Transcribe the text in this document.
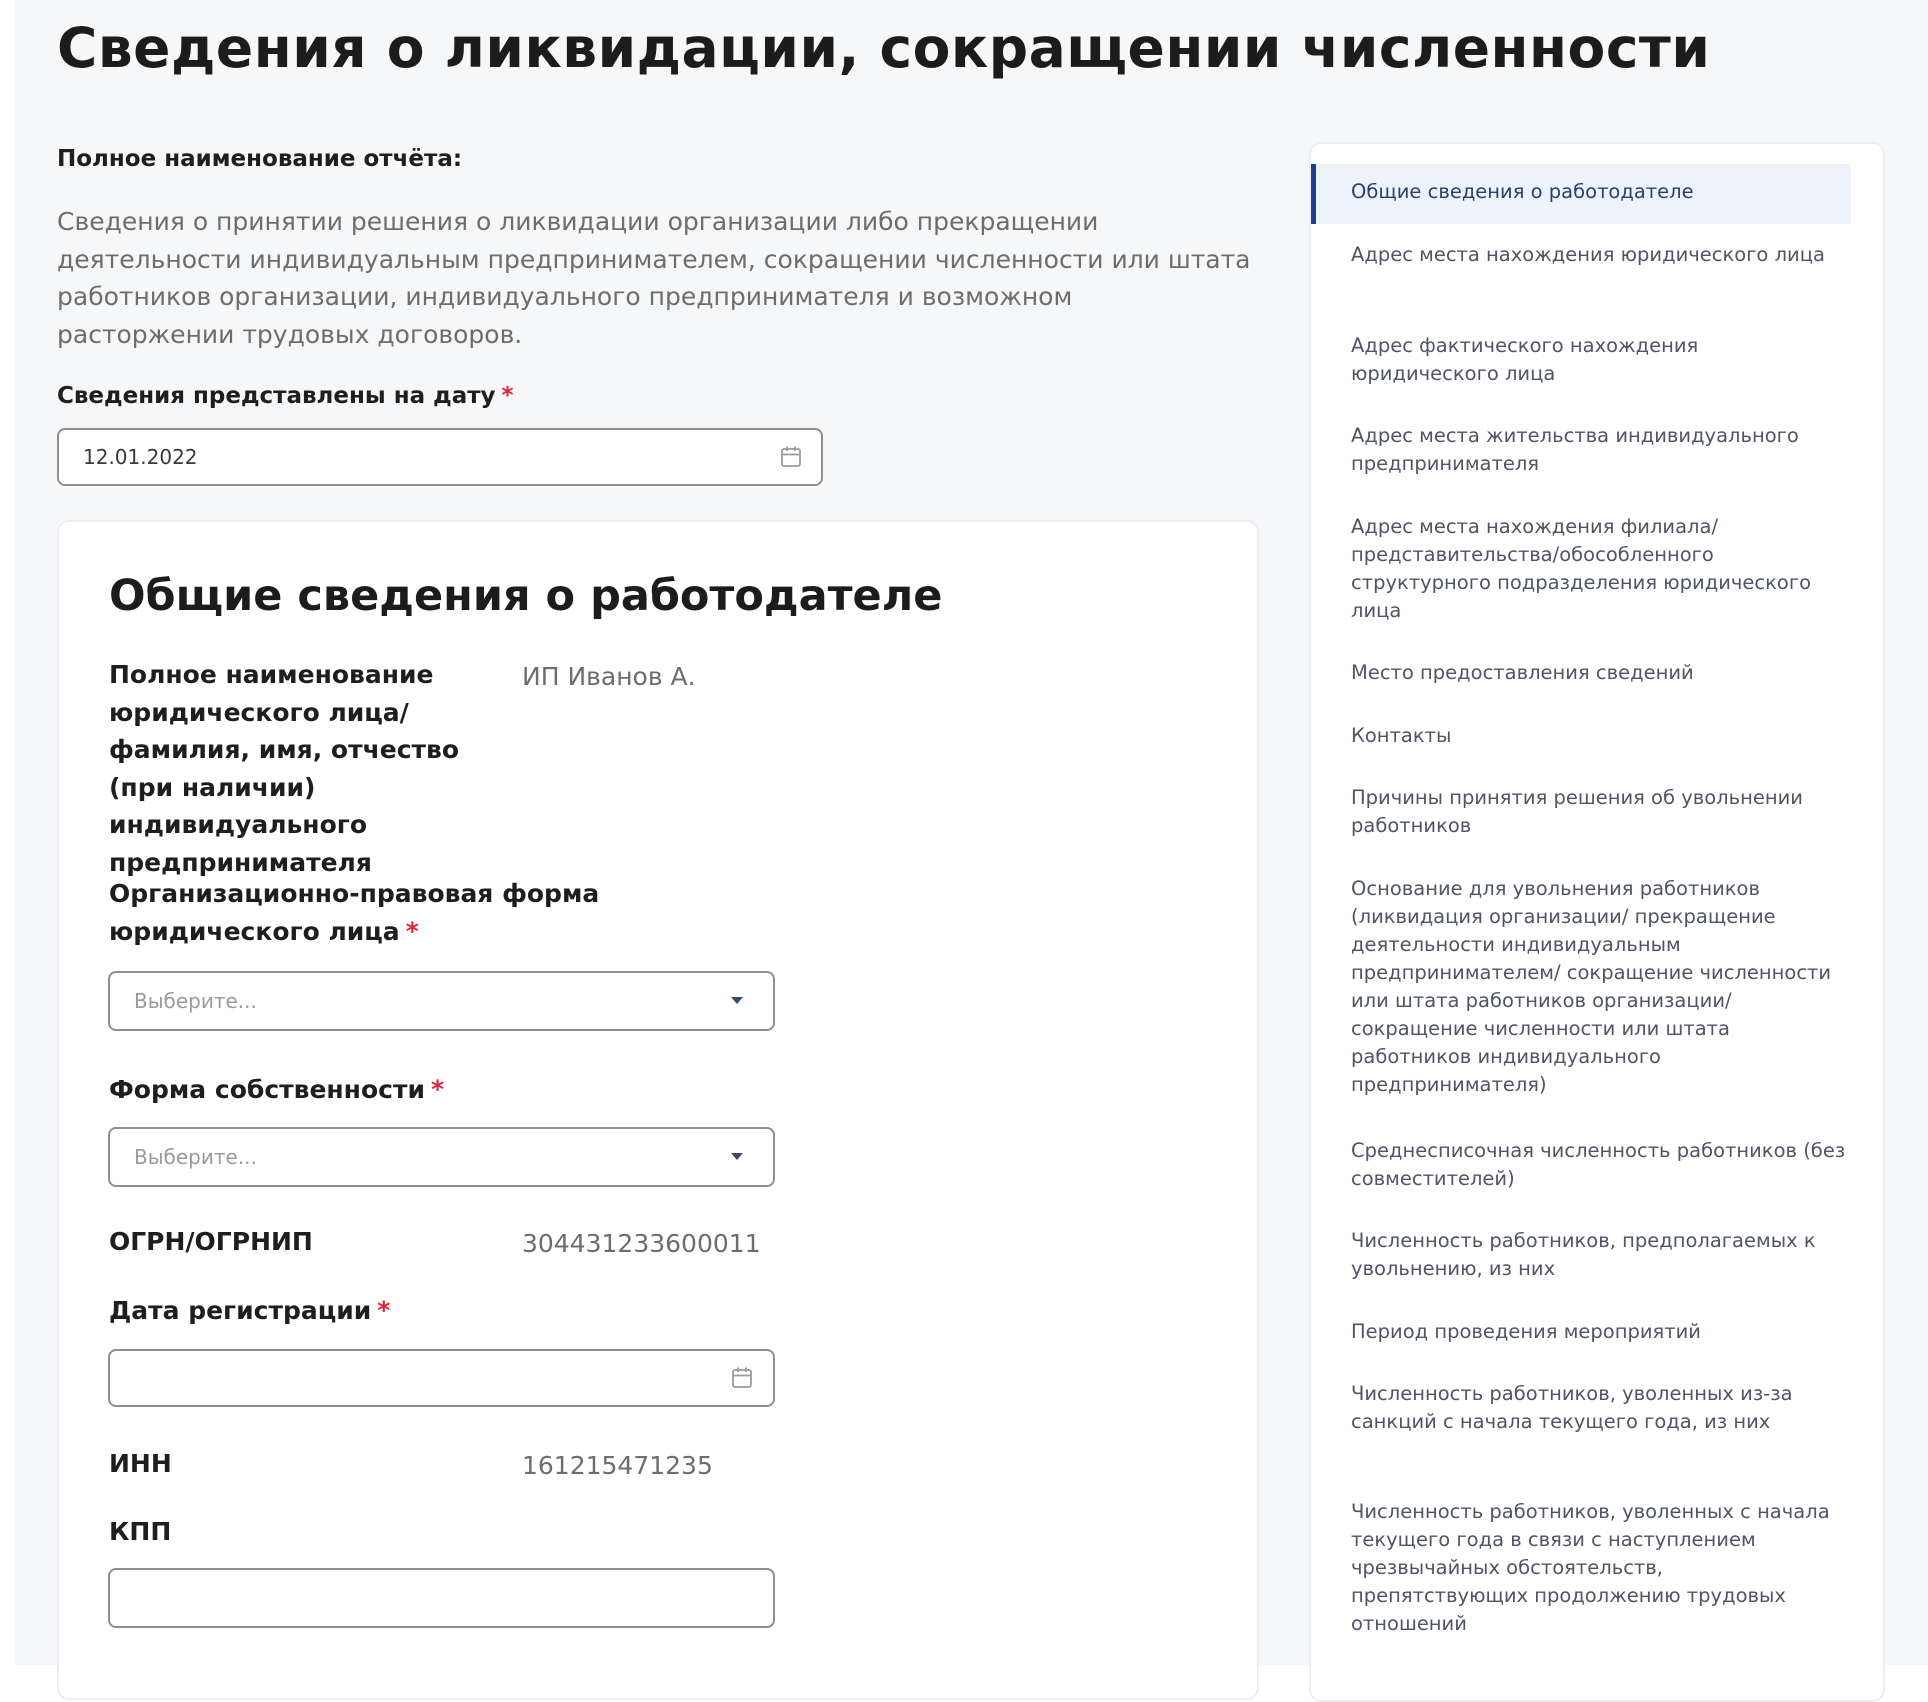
Сведения о ликвидации, сокращении численности
Полное наименование отчёта:
Сведения о принятии решения о ликвидации организации либо прекращении деятельности индивидуальным предпринимателем, сокращении численности или штата работников организации, индивидуального предпринимателя и возможном расторжении трудовых договоров.
Сведения представлены на дату *
12.01.2022
Общие сведения о работодателе
Полное наименование юридического лица/ фамилия, имя, отчество (при наличии) индивидуального предпринимателя
ИП Иванов А.
Организационно-правовая форма юридического лица *
Выберите...
Форма собственности *
Выберите...
ОГРН/ОГРНИП	304431233600011
Дата регистрации *
ИНН	161215471235
КПП
Общие сведения о работодателе
Адрес места нахождения юридического лица
Адрес фактического нахождения юридического лица
Адрес места жительства индивидуального предпринимателя
Адрес места нахождения филиала/ представительства/обособленного структурного подразделения юридического лица
Место предоставления сведений
Контакты
Причины принятия решения об увольнении работников
Основание для увольнения работников (ликвидация организации/ прекращение деятельности индивидуальным предпринимателем/ сокращение численности или штата работников организации/ сокращение численности или штата работников индивидуального предпринимателя)
Среднесписочная численность работников (без совместителей)
Численность работников, предполагаемых к увольнению, из них
Период проведения мероприятий
Численность работников, уволенных из-за санкций с начала текущего года, из них
Численность работников, уволенных с начала текущего года в связи с наступлением чрезвычайных обстоятельств, препятствующих продолжению трудовых отношений
